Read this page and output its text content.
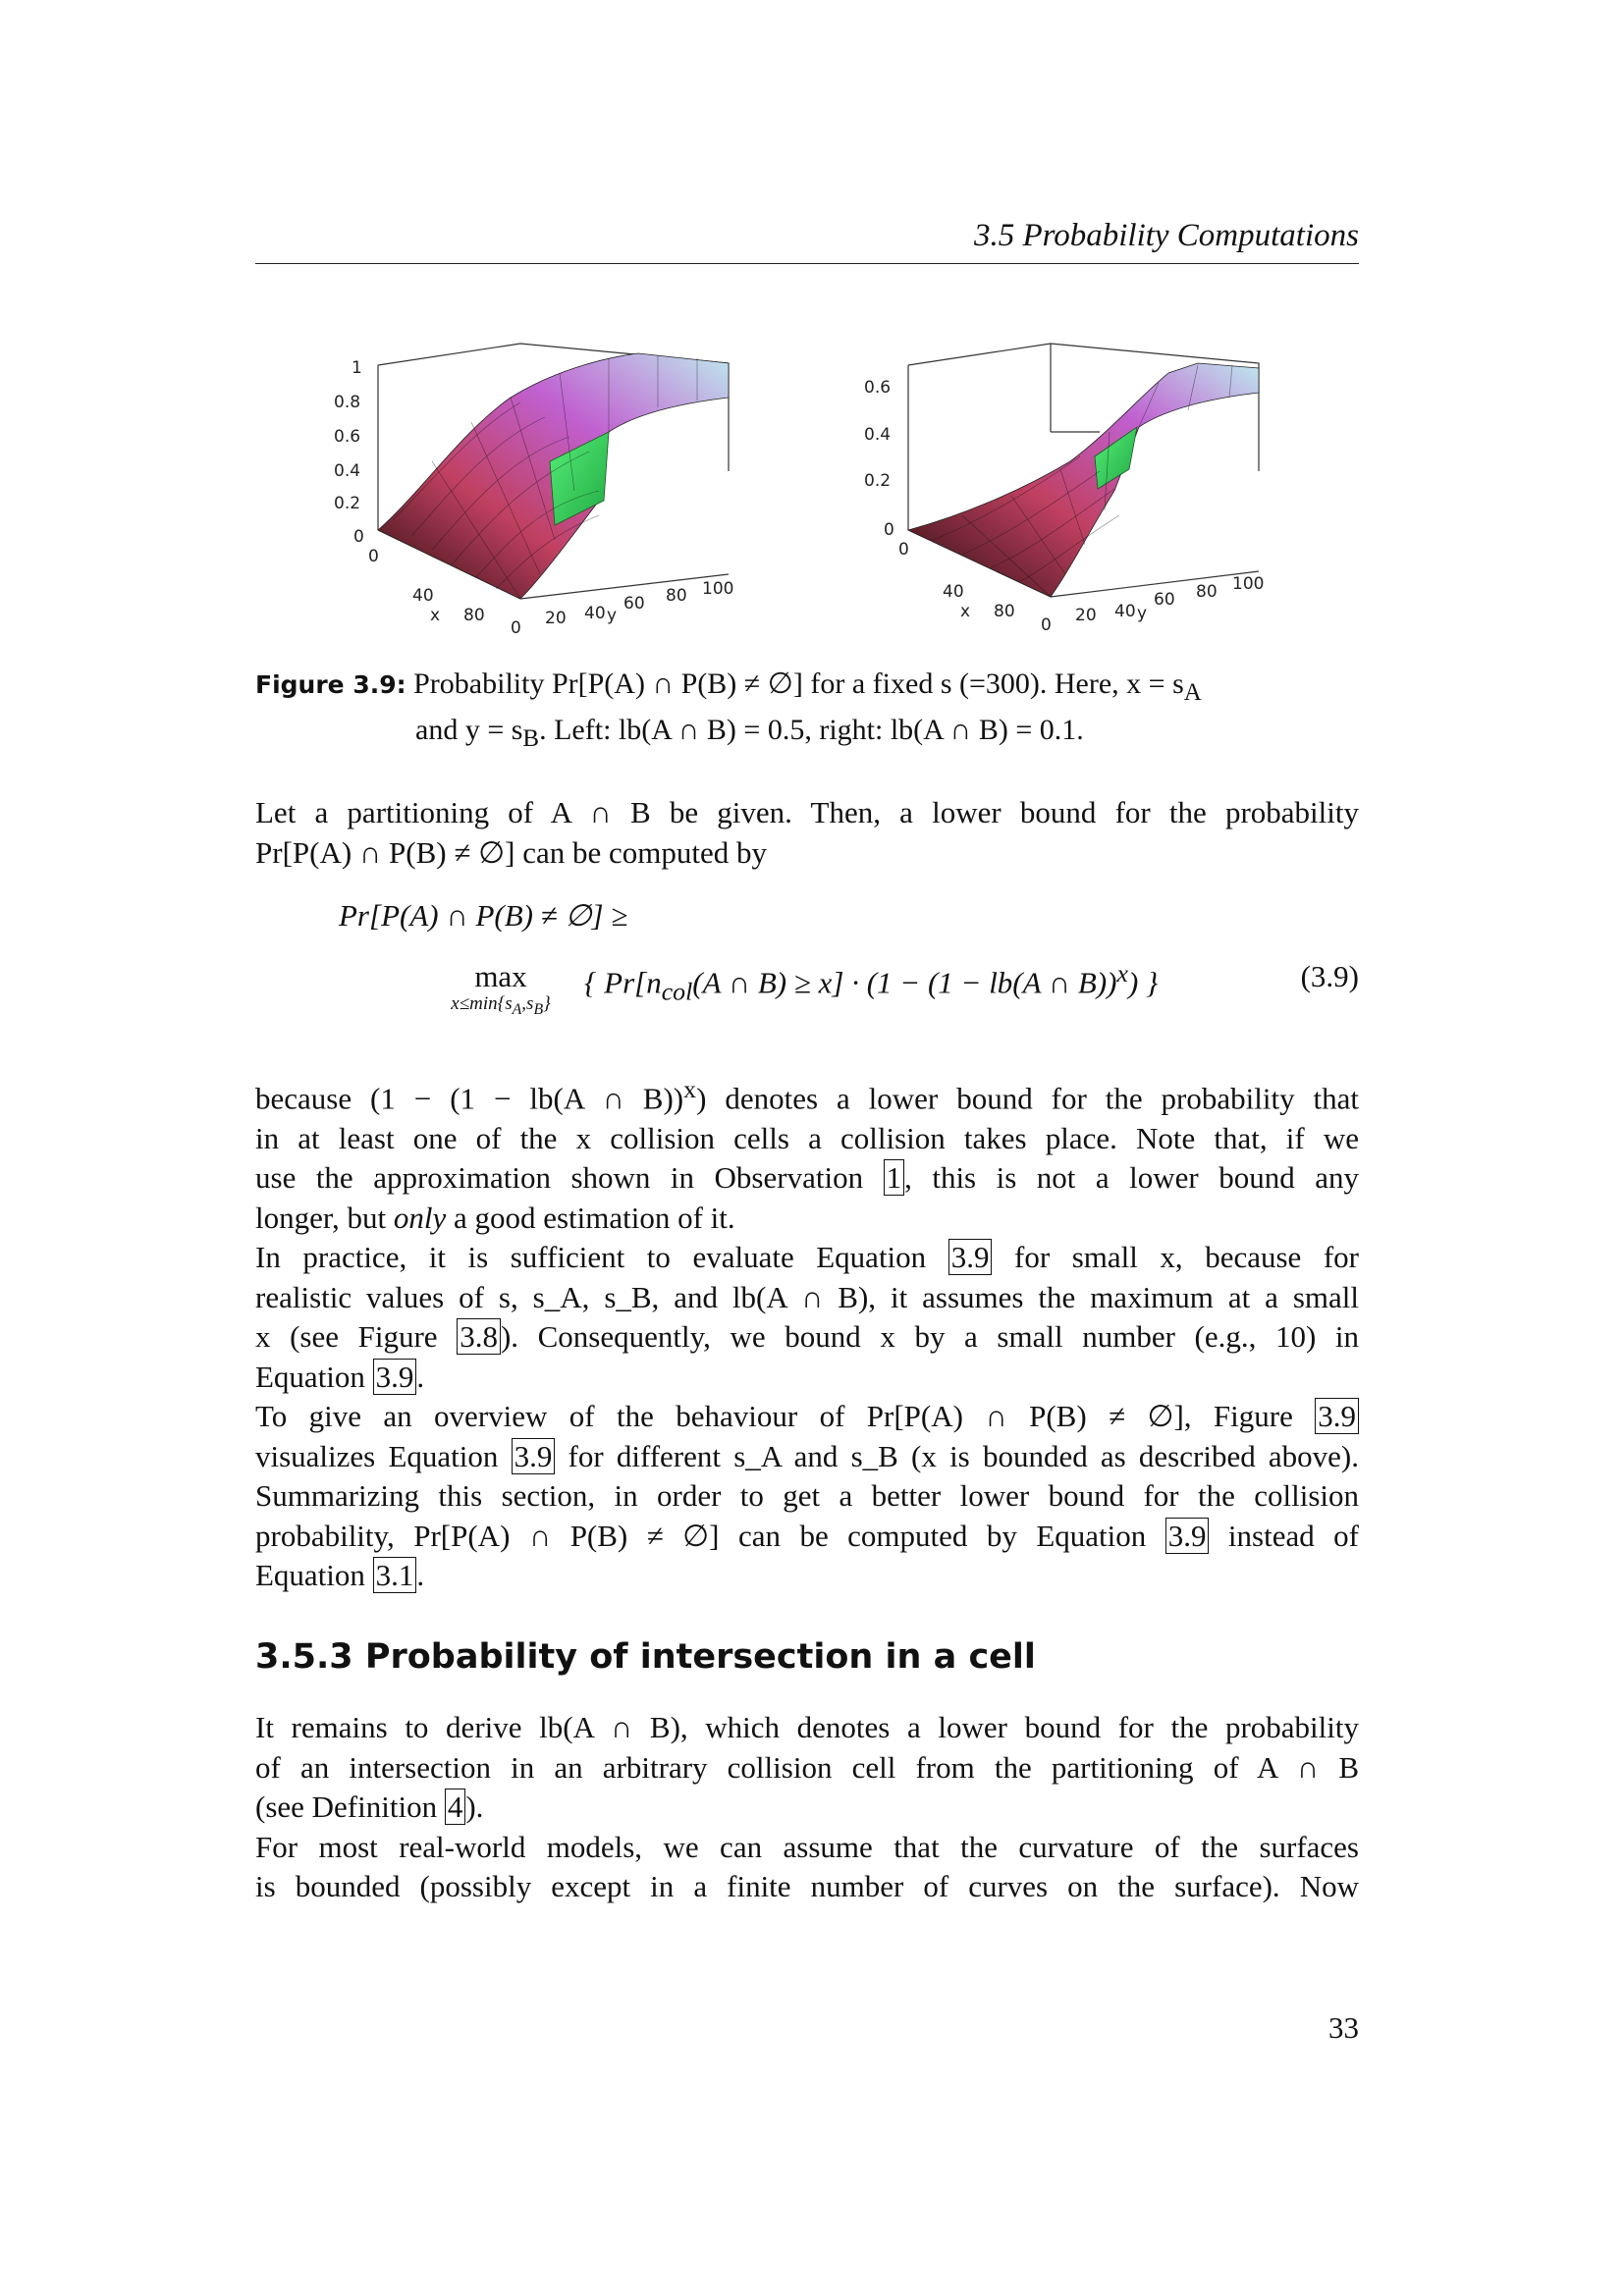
3.5 Probability Computations
1
0.8
0.6
0.4
0.2
0
0
40
x 80
0 20 40 y
60 80 100
0.6
0.4
0.2
0
0
40
x 80
0 20 40 y
60 80 100
Figure 3.9: Probability Pr[P(A) ∩ P(B) ≠ ∅] for a fixed s (=300). Here, $x = s_A$
and $y = s_B$. Left: lb(A ∩ B) = 0.5, right: lb(A ∩ B) = 0.1.
Let a partitioning of A ∩ B be given. Then, a lower bound for the probability
Pr[P(A) ∩ P(B) ≠ ∅] can be computed by
Pr[P(A) ∩ P(B) ≠ ∅] ≥
max
$x\le\min\{s_A,s_B\}$
{ $Pr[n_{col}(A$ ∩ B) ≥ x] · (1 − (1 − lb(A ∩ B))$^x$) }	(3.9)
because (1 − (1 − lb(A ∩ B))$^x$) denotes a lower bound for the probability that
in at least one of the x collision cells a collision takes place. Note that, if we
use the approximation shown in Observation 1, this is not a lower bound any
longer, but only a good estimation of it.
In practice, it is sufficient to evaluate Equation 3.9 for small x, because for
realistic values of s, s_A, s_B, and lb(A ∩ B), it assumes the maximum at a small
x (see Figure 3.8). Consequently, we bound x by a small number (e.g., 10) in
Equation 3.9.
To give an overview of the behaviour of Pr[P(A) ∩ P(B) ≠ ∅], Figure 3.9
visualizes Equation 3.9 for different s_A and s_B (x is bounded as described above).
Summarizing this section, in order to get a better lower bound for the collision
probability, Pr[P(A) ∩ P(B) ≠ ∅] can be computed by Equation 3.9 instead of
Equation 3.1.
3.5.3 Probability of intersection in a cell
It remains to derive lb(A ∩ B), which denotes a lower bound for the probability
of an intersection in an arbitrary collision cell from the partitioning of A ∩ B
(see Definition 4).
For most real-world models, we can assume that the curvature of the surfaces
is bounded (possibly except in a finite number of curves on the surface). Now
33
